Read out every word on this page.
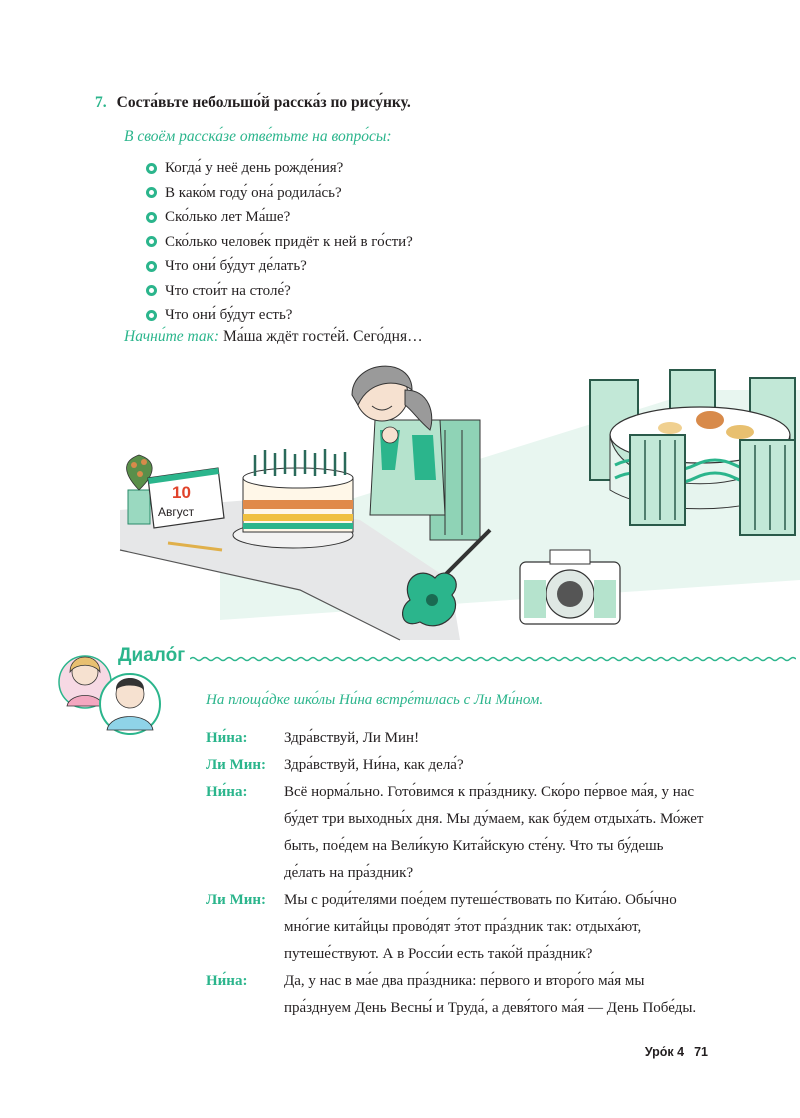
7. Соста́вьте небольшо́й расска́з по рису́нку.
В своём расска́зе отве́тьте на вопро́сы:
Когда́ у неё день рожде́ния?
В како́м году́ она́ родила́сь?
Ско́лько лет Ма́ше?
Ско́лько челове́к придёт к ней в го́сти?
Что они́ бу́дут де́лать?
Что стои́т на столе́?
Что они́ бу́дут есть?
Начни́те так: Ма́ша ждёт госте́й. Сего́дня…
10
Август
Диало́г
На площа́дке шко́лы Ни́на встре́тилась с Ли Ми́ном.
Ни́на:	Здра́вствуй, Ли Мин!
Ли Мин:	Здра́вствуй, Ни́на, как дела́?
Ни́на:	Всё норма́льно. Гото́вимся к пра́зднику. Ско́ро пе́рвое ма́я, у нас бу́дет три выходны́х дня. Мы ду́маем, как бу́дем отдыха́ть. Мо́жет быть, пое́дем на Вели́кую Кита́йскую сте́ну. Что ты бу́дешь де́лать на пра́здник?
Ли Мин:	Мы с роди́телями пое́дем путеше́ствовать по Кита́ю. Обы́чно мно́гие кита́йцы прово́дят э́тот пра́здник так: отдыха́ют, путеше́ствуют. А в Росси́и есть тако́й пра́здник?
Ни́на:	Да, у нас в ма́е два пра́здника: пе́рвого и второ́го ма́я мы пра́зднуем День Весны́ и Труда́, а девя́того ма́я — День Побе́ды.
Уро́к 4 71
